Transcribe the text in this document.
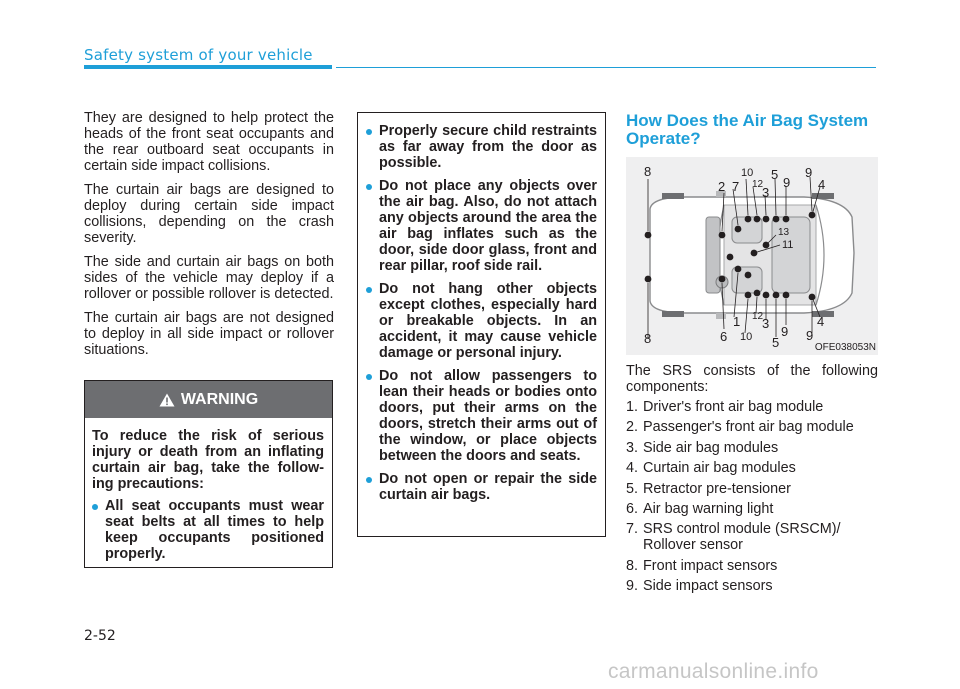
Safety system of your vehicle

They are designed to help protect the heads of the front seat occupants and the rear outboard seat occupants in certain side impact collisions.

The curtain air bags are designed to deploy during certain side impact collisions, depending on the crash severity.

The side and curtain air bags on both sides of the vehicle may deploy if a rollover or possible rollover is detected.

The curtain air bags are not designed to deploy in all side impact or rollover situations.

WARNING

To reduce the risk of serious injury or death from an inflating curtain air bag, take the follow-ing precautions:

All seat occupants must wear seat belts at all times to help keep occupants positioned properly.
Properly secure child restraints as far away from the door as possible.
Do not place any objects over the air bag. Also, do not attach any objects around the area the air bag inflates such as the door, side door glass, front and rear pillar, roof side rail.
Do not hang other objects except clothes, especially hard or breakable objects. In an accident, it may cause vehicle damage or personal injury.
Do not allow passengers to lean their heads or bodies onto doors, put their arms on the doors, stretch their arms out of the window, or place objects between the doors and seats.
Do not open or repair the side curtain air bags.
How Does the Air Bag System Operate?
OFE038053N
8	10 5 9
2 7 12
3
9 4
13
11
8
1 12
3
9
4
6 10 5 9

The SRS consists of the following components:

1. Driver's front air bag module
2. Passenger's front air bag module
3. Side air bag modules
4. Curtain air bag modules
5. Retractor pre-tensioner
6. Air bag warning light
7. SRS control module (SRSCM)/ Rollover sensor
8. Front impact sensors
9. Side impact sensors
2-52
carmanualsonline.info
